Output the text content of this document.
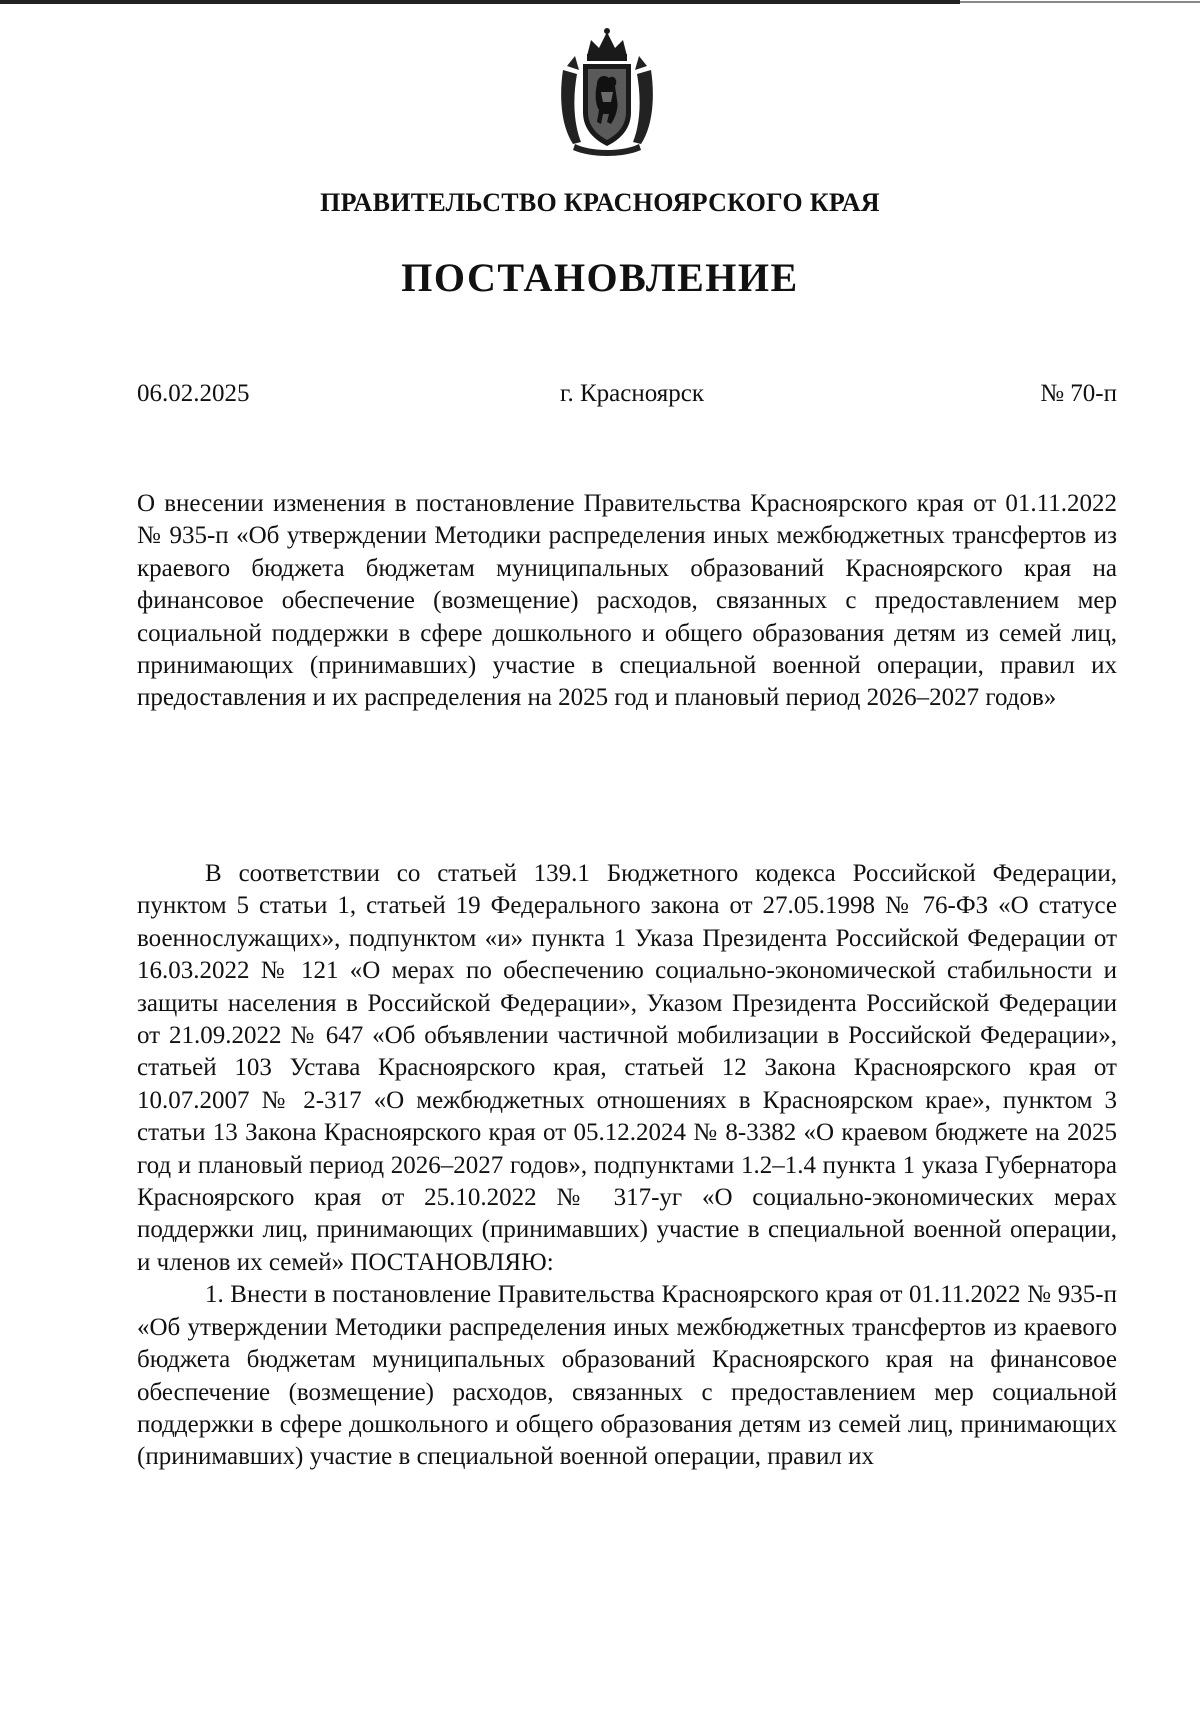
ПРАВИТЕЛЬСТВО КРАСНОЯРСКОГО КРАЯ
ПОСТАНОВЛЕНИЕ
г. Красноярск
06.02.2025	№ 70-п
О внесении изменения в постановление Правительства Красноярского края от 01.11.2022 № 935-п «Об утверждении Методики распределения иных межбюджетных трансфертов из краевого бюджета бюджетам муниципальных образований Красноярского края на финансовое обеспечение (возмещение) расходов, связанных с предоставлением мер социальной поддержки в сфере дошкольного и общего образования детям из семей лиц, принимающих (принимавших) участие в специальной военной операции, правил их предоставления и их распределения на 2025 год и плановый период 2026–2027 годов»

В соответствии со статьей 139.1 Бюджетного кодекса Российской Федерации, пунктом 5 статьи 1, статьей 19 Федерального закона от 27.05.1998 № 76-ФЗ «О статусе военнослужащих», подпунктом «и» пункта 1 Указа Президента Российской Федерации от 16.03.2022 № 121 «О мерах по обеспечению социально-экономической стабильности и защиты населения в Российской Федерации», Указом Президента Российской Федерации от 21.09.2022 № 647 «Об объявлении частичной мобилизации в Российской Федерации», статьей 103 Устава Красноярского края, статьей 12 Закона Красноярского края от 10.07.2007 № 2-317 «О межбюджетных отношениях в Красноярском крае», пунктом 3 статьи 13 Закона Красноярского края от 05.12.2024 № 8-3382 «О краевом бюджете на 2025 год и плановый период 2026–2027 годов», подпунктами 1.2–1.4 пункта 1 указа Губернатора Красноярского края от 25.10.2022 № 317-уг «О социально-экономических мерах поддержки лиц, принимающих (принимавших) участие в специальной военной операции, и членов их семей» ПОСТАНОВЛЯЮ:

1. Внести в постановление Правительства Красноярского края от 01.11.2022 № 935-п «Об утверждении Методики распределения иных межбюджетных трансфертов из краевого бюджета бюджетам муниципальных образований Красноярского края на финансовое обеспечение (возмещение) расходов, связанных с предоставлением мер социальной поддержки в сфере дошкольного и общего образования детям из семей лиц, принимающих (принимавших) участие в специальной военной операции, правил их
